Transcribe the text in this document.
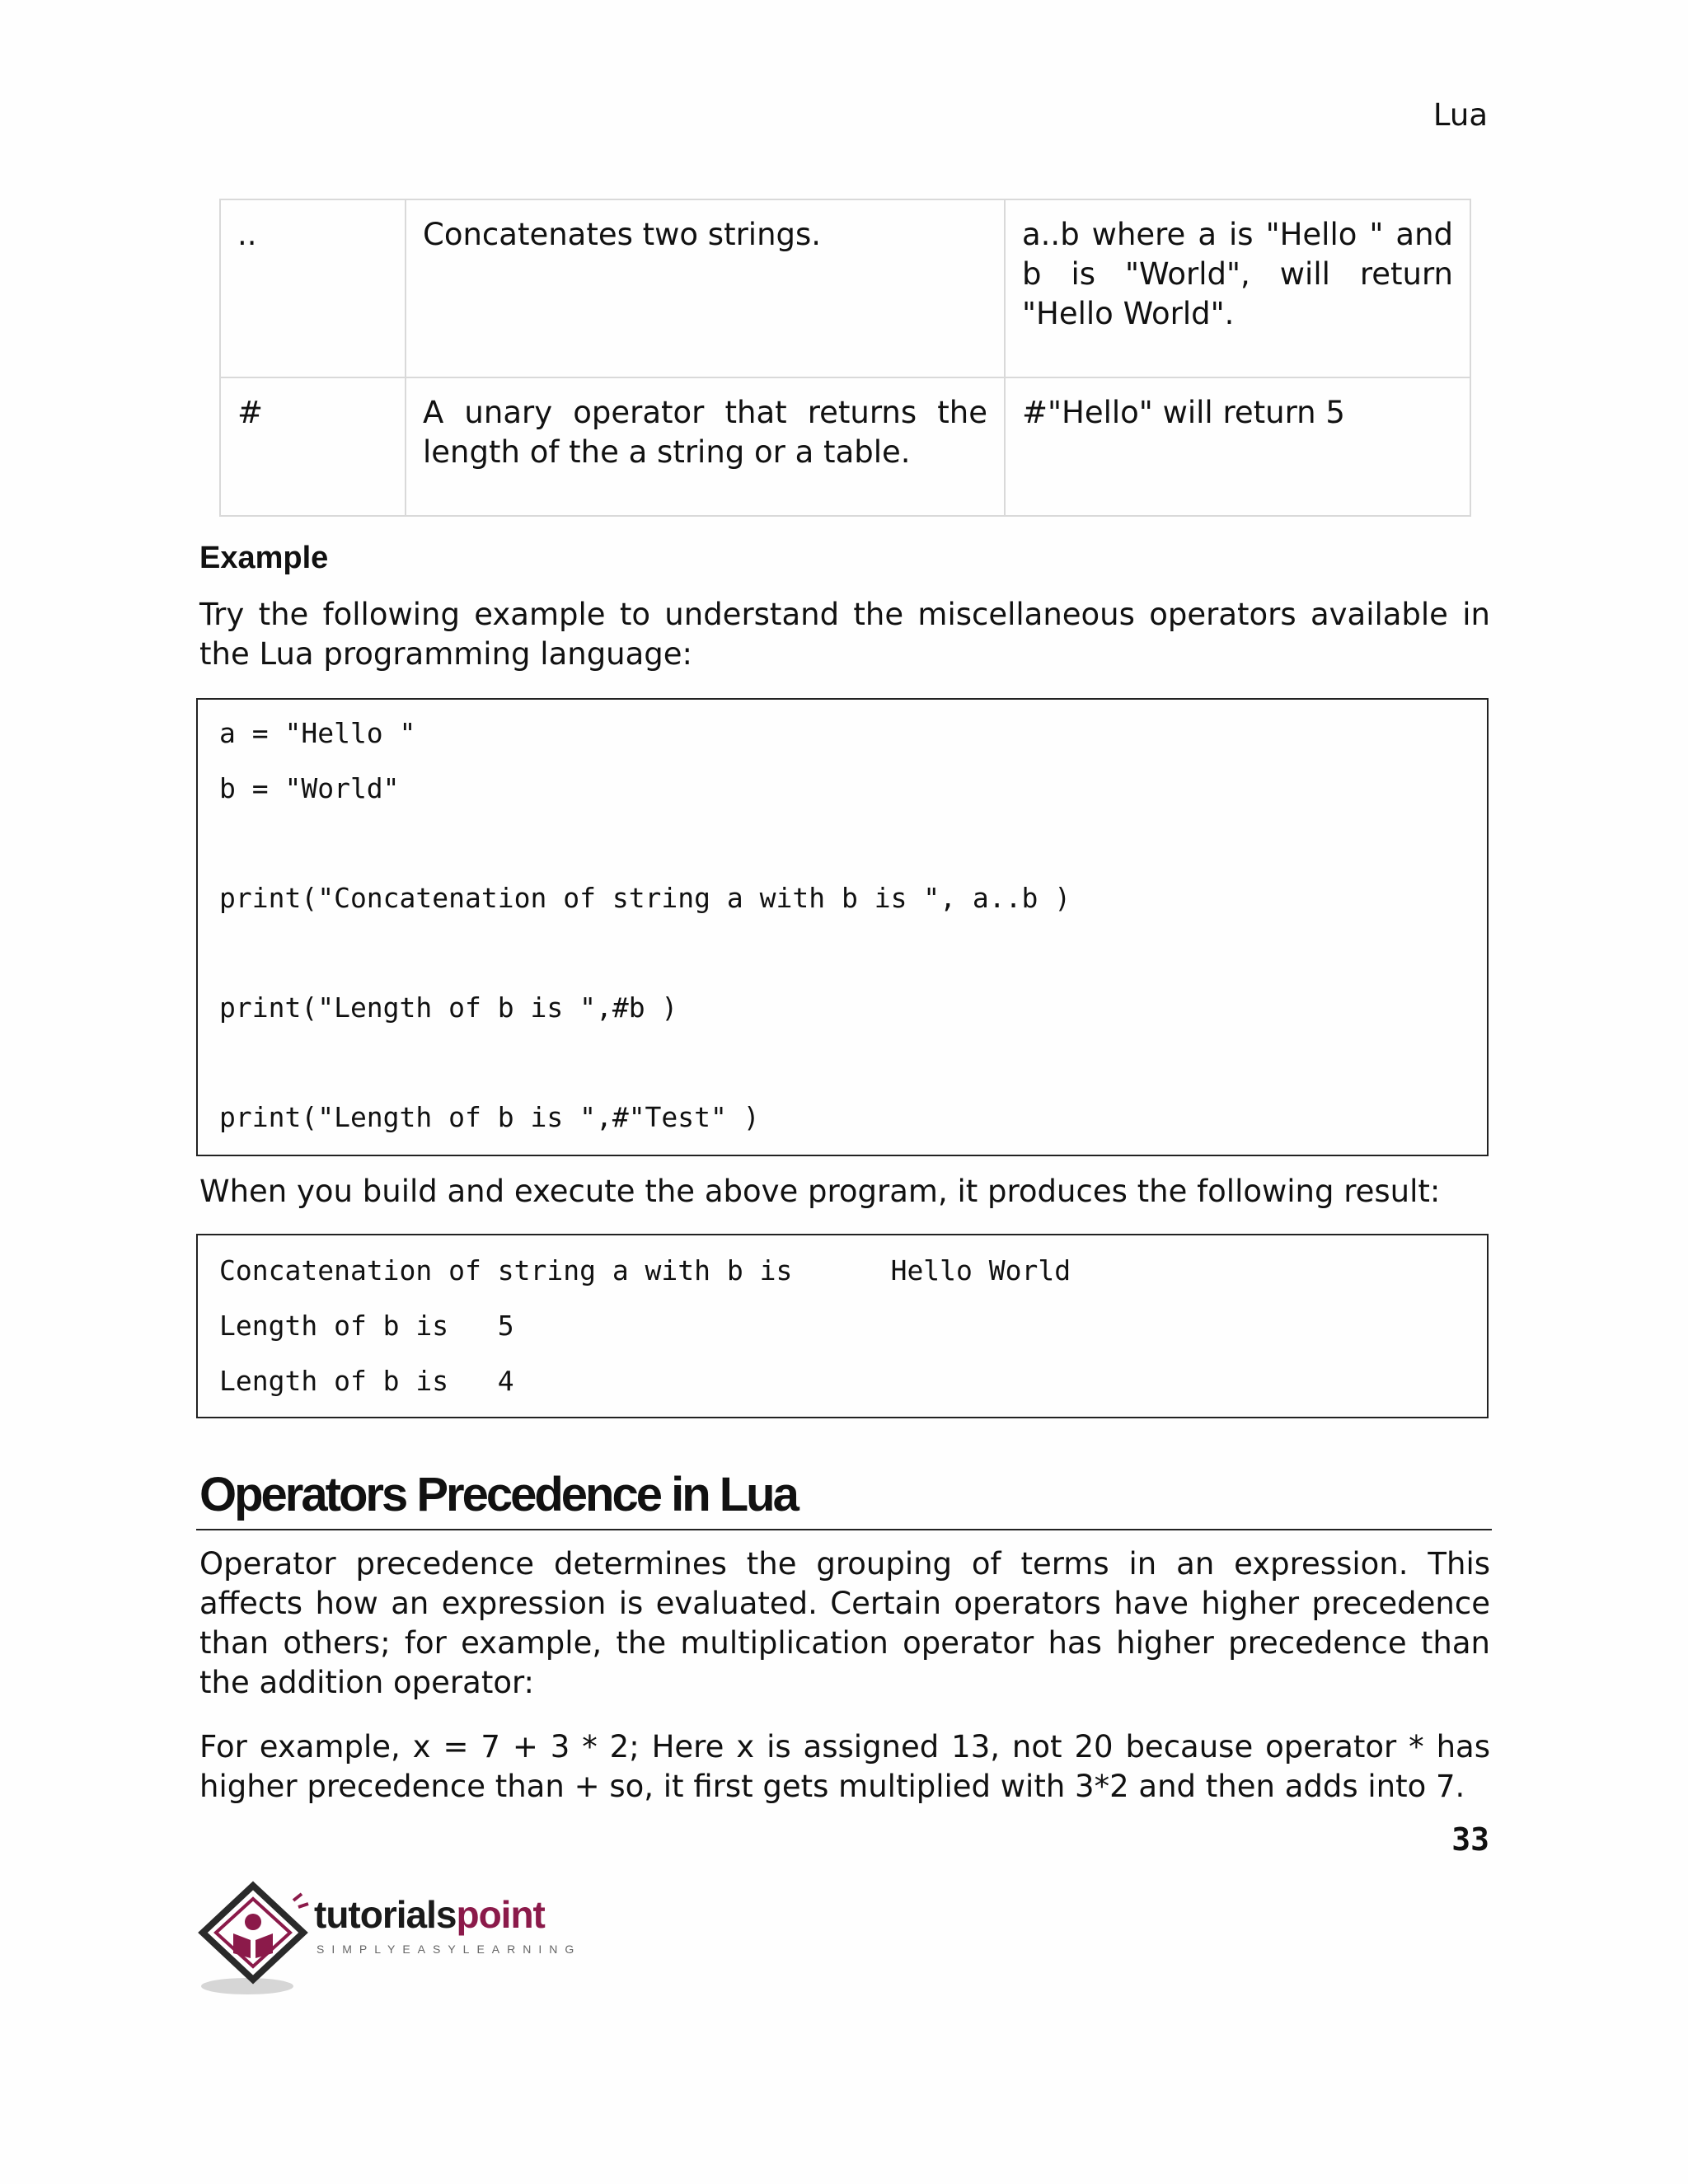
Lua
..	Concatenates two strings.	a..b where a is "Hello " and b is "World", will return "Hello World".
#	A unary operator that returns the length of the a string or a table.	#"Hello" will return 5
Example
Try the following example to understand the miscellaneous operators available in the Lua programming language:
a = "Hello "
b = "World"
print("Concatenation of string a with b is ", a..b )
print("Length of b is ",#b )
print("Length of b is ",#"Test" )
When you build and execute the above program, it produces the following result:
Concatenation of string a with b is      Hello World
Length of b is   5
Length of b is   4
Operators Precedence in Lua
Operator precedence determines the grouping of terms in an expression. This affects how an expression is evaluated. Certain operators have higher precedence than others; for example, the multiplication operator has higher precedence than the addition operator:
For example, x = 7 + 3 * 2; Here x is assigned 13, not 20 because operator * has higher precedence than + so, it first gets multiplied with 3*2 and then adds into 7.
33
tutorialspoint
SIMPLYEASYLEARNING
